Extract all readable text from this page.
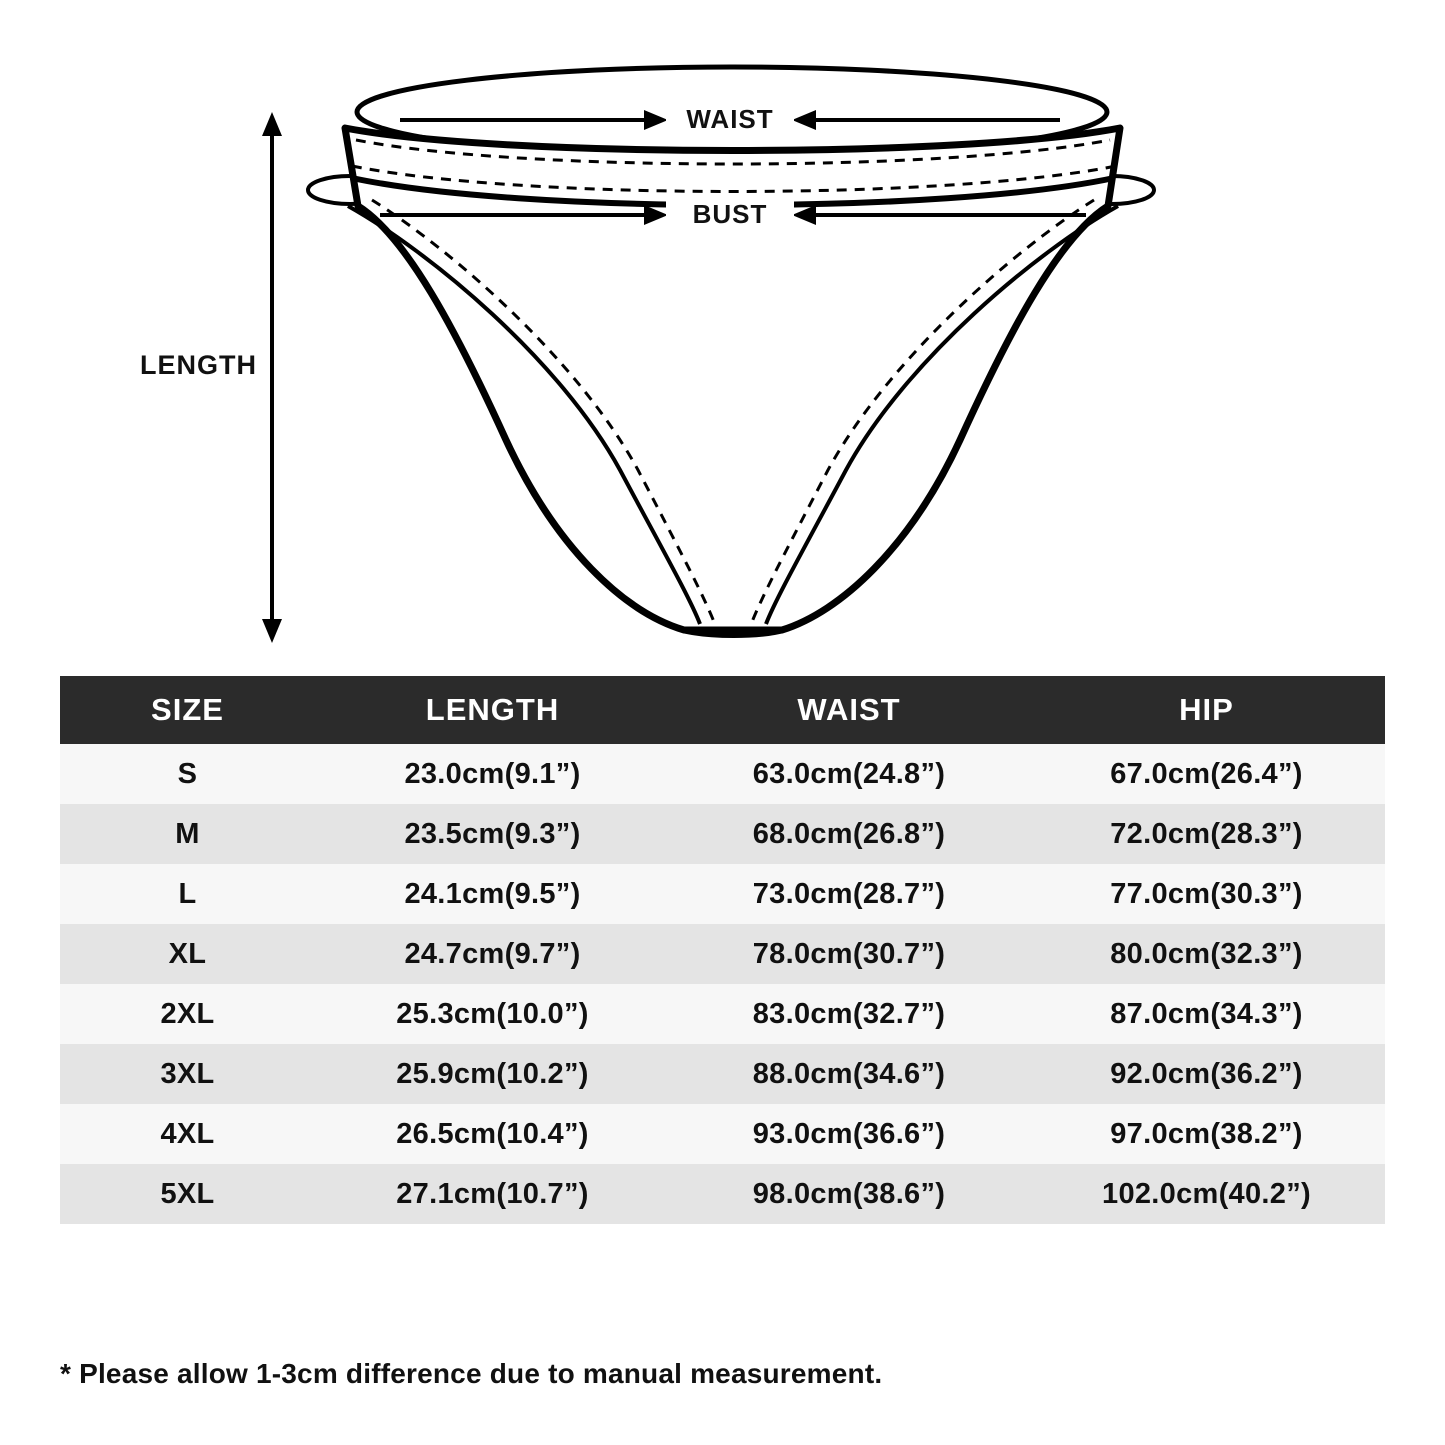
WAIST
BUST
LENGTH
SIZE	LENGTH	WAIST	HIP
S	23.0cm(9.1”)	63.0cm(24.8”)	67.0cm(26.4”)
M	23.5cm(9.3”)	68.0cm(26.8”)	72.0cm(28.3”)
L	24.1cm(9.5”)	73.0cm(28.7”)	77.0cm(30.3”)
XL	24.7cm(9.7”)	78.0cm(30.7”)	80.0cm(32.3”)
2XL	25.3cm(10.0”)	83.0cm(32.7”)	87.0cm(34.3”)
3XL	25.9cm(10.2”)	88.0cm(34.6”)	92.0cm(36.2”)
4XL	26.5cm(10.4”)	93.0cm(36.6”)	97.0cm(38.2”)
5XL	27.1cm(10.7”)	98.0cm(38.6”)	102.0cm(40.2”)
* Please allow 1-3cm difference due to manual measurement.
